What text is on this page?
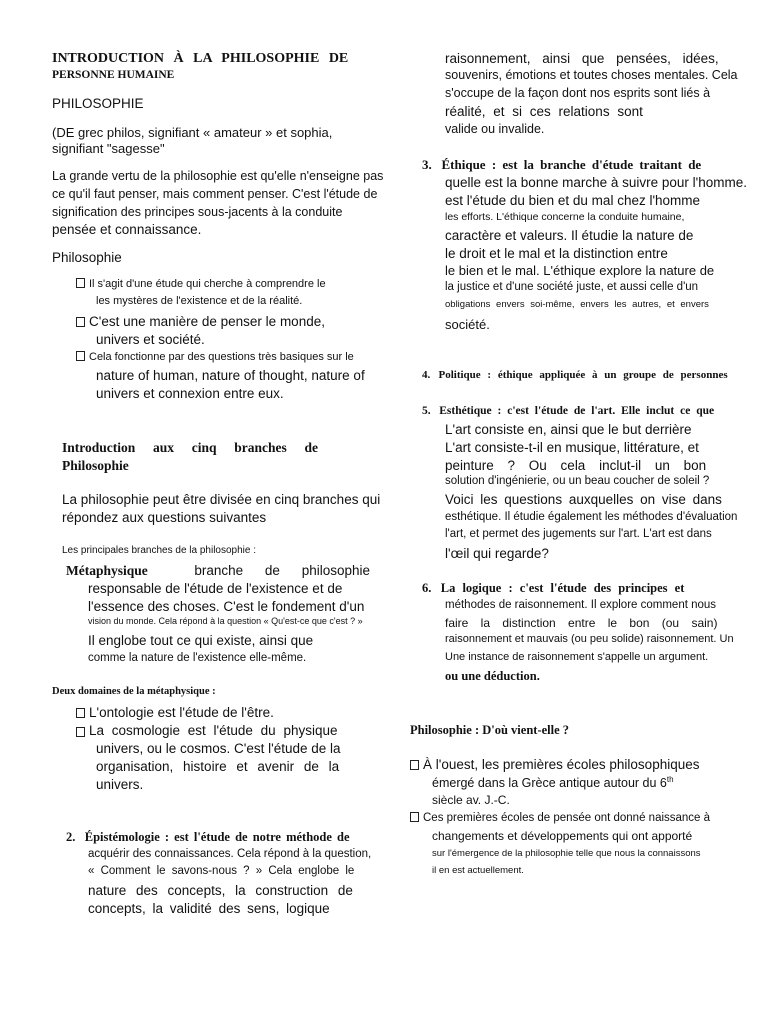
INTRODUCTION À LA PHILOSOPHIE DE
PERSONNE HUMAINE
PHILOSOPHIE
(DE grec philos, signifiant « amateur » et sophia,
signifiant "sagesse"
La grande vertu de la philosophie est qu'elle n'enseigne pas
ce qu'il faut penser, mais comment penser. C'est l'étude de
signification des principes sous-jacents à la conduite
pensée et connaissance.
Philosophie
Il s'agit d'une étude qui cherche à comprendre le
les mystères de l'existence et de la réalité.
C'est une manière de penser le monde,
univers et société.
Cela fonctionne par des questions très basiques sur le
nature of human, nature of thought, nature of
univers et connexion entre eux.
Introduction aux cinq branches de
Philosophie
La philosophie peut être divisée en cinq branches qui
répondez aux questions suivantes
Les principales branches de la philosophie :
Métaphysique	branche de philosophie
responsable de l'étude de l'existence et de
l'essence des choses. C'est le fondement d'un
vision du monde. Cela répond à la question « Qu'est-ce que c'est ? »
Il englobe tout ce qui existe, ainsi que
comme la nature de l'existence elle-même.
Deux domaines de la métaphysique :
L'ontologie est l'étude de l'être.
La cosmologie est l'étude du physique
univers, ou le cosmos. C'est l'étude de la
organisation, histoire et avenir de la
univers.
2. Épistémologie : est l'étude de notre méthode de
acquérir des connaissances. Cela répond à la question,
« Comment le savons-nous ? » Cela englobe le
nature des concepts, la construction de
concepts, la validité des sens, logique
raisonnement, ainsi que pensées, idées,
souvenirs, émotions et toutes choses mentales. Cela
s'occupe de la façon dont nos esprits sont liés à
réalité, et si ces relations sont
valide ou invalide.
3. Éthique : est la branche d'étude traitant de
quelle est la bonne marche à suivre pour l'homme.
est l'étude du bien et du mal chez l'homme
les efforts. L'éthique concerne la conduite humaine,
caractère et valeurs. Il étudie la nature de
le droit et le mal et la distinction entre
le bien et le mal. L'éthique explore la nature de
la justice et d'une société juste, et aussi celle d'un
obligations envers soi-même, envers les autres, et envers
société.
4. Politique : éthique appliquée à un groupe de personnes
5. Esthétique : c'est l'étude de l'art. Elle inclut ce que
L'art consiste en, ainsi que le but derrière
L'art consiste-t-il en musique, littérature, et
peinture ? Ou cela inclut-il un bon
solution d'ingénierie, ou un beau coucher de soleil ?
Voici les questions auxquelles on vise dans
esthétique. Il étudie également les méthodes d'évaluation
l'art, et permet des jugements sur l'art. L'art est dans
l'œil qui regarde?
6. La logique : c'est l'étude des principes et
méthodes de raisonnement. Il explore comment nous
faire la distinction entre le bon (ou sain)
raisonnement et mauvais (ou peu solide) raisonnement. Un
Une instance de raisonnement s'appelle un argument.
ou une déduction.
Philosophie : D'où vient-elle ?
À l'ouest, les premières écoles philosophiques
émergé dans la Grèce antique autour du 6th
siècle av. J.-C.
Ces premières écoles de pensée ont donné naissance à
changements et développements qui ont apporté
sur l'émergence de la philosophie telle que nous la connaissons
il en est actuellement.
